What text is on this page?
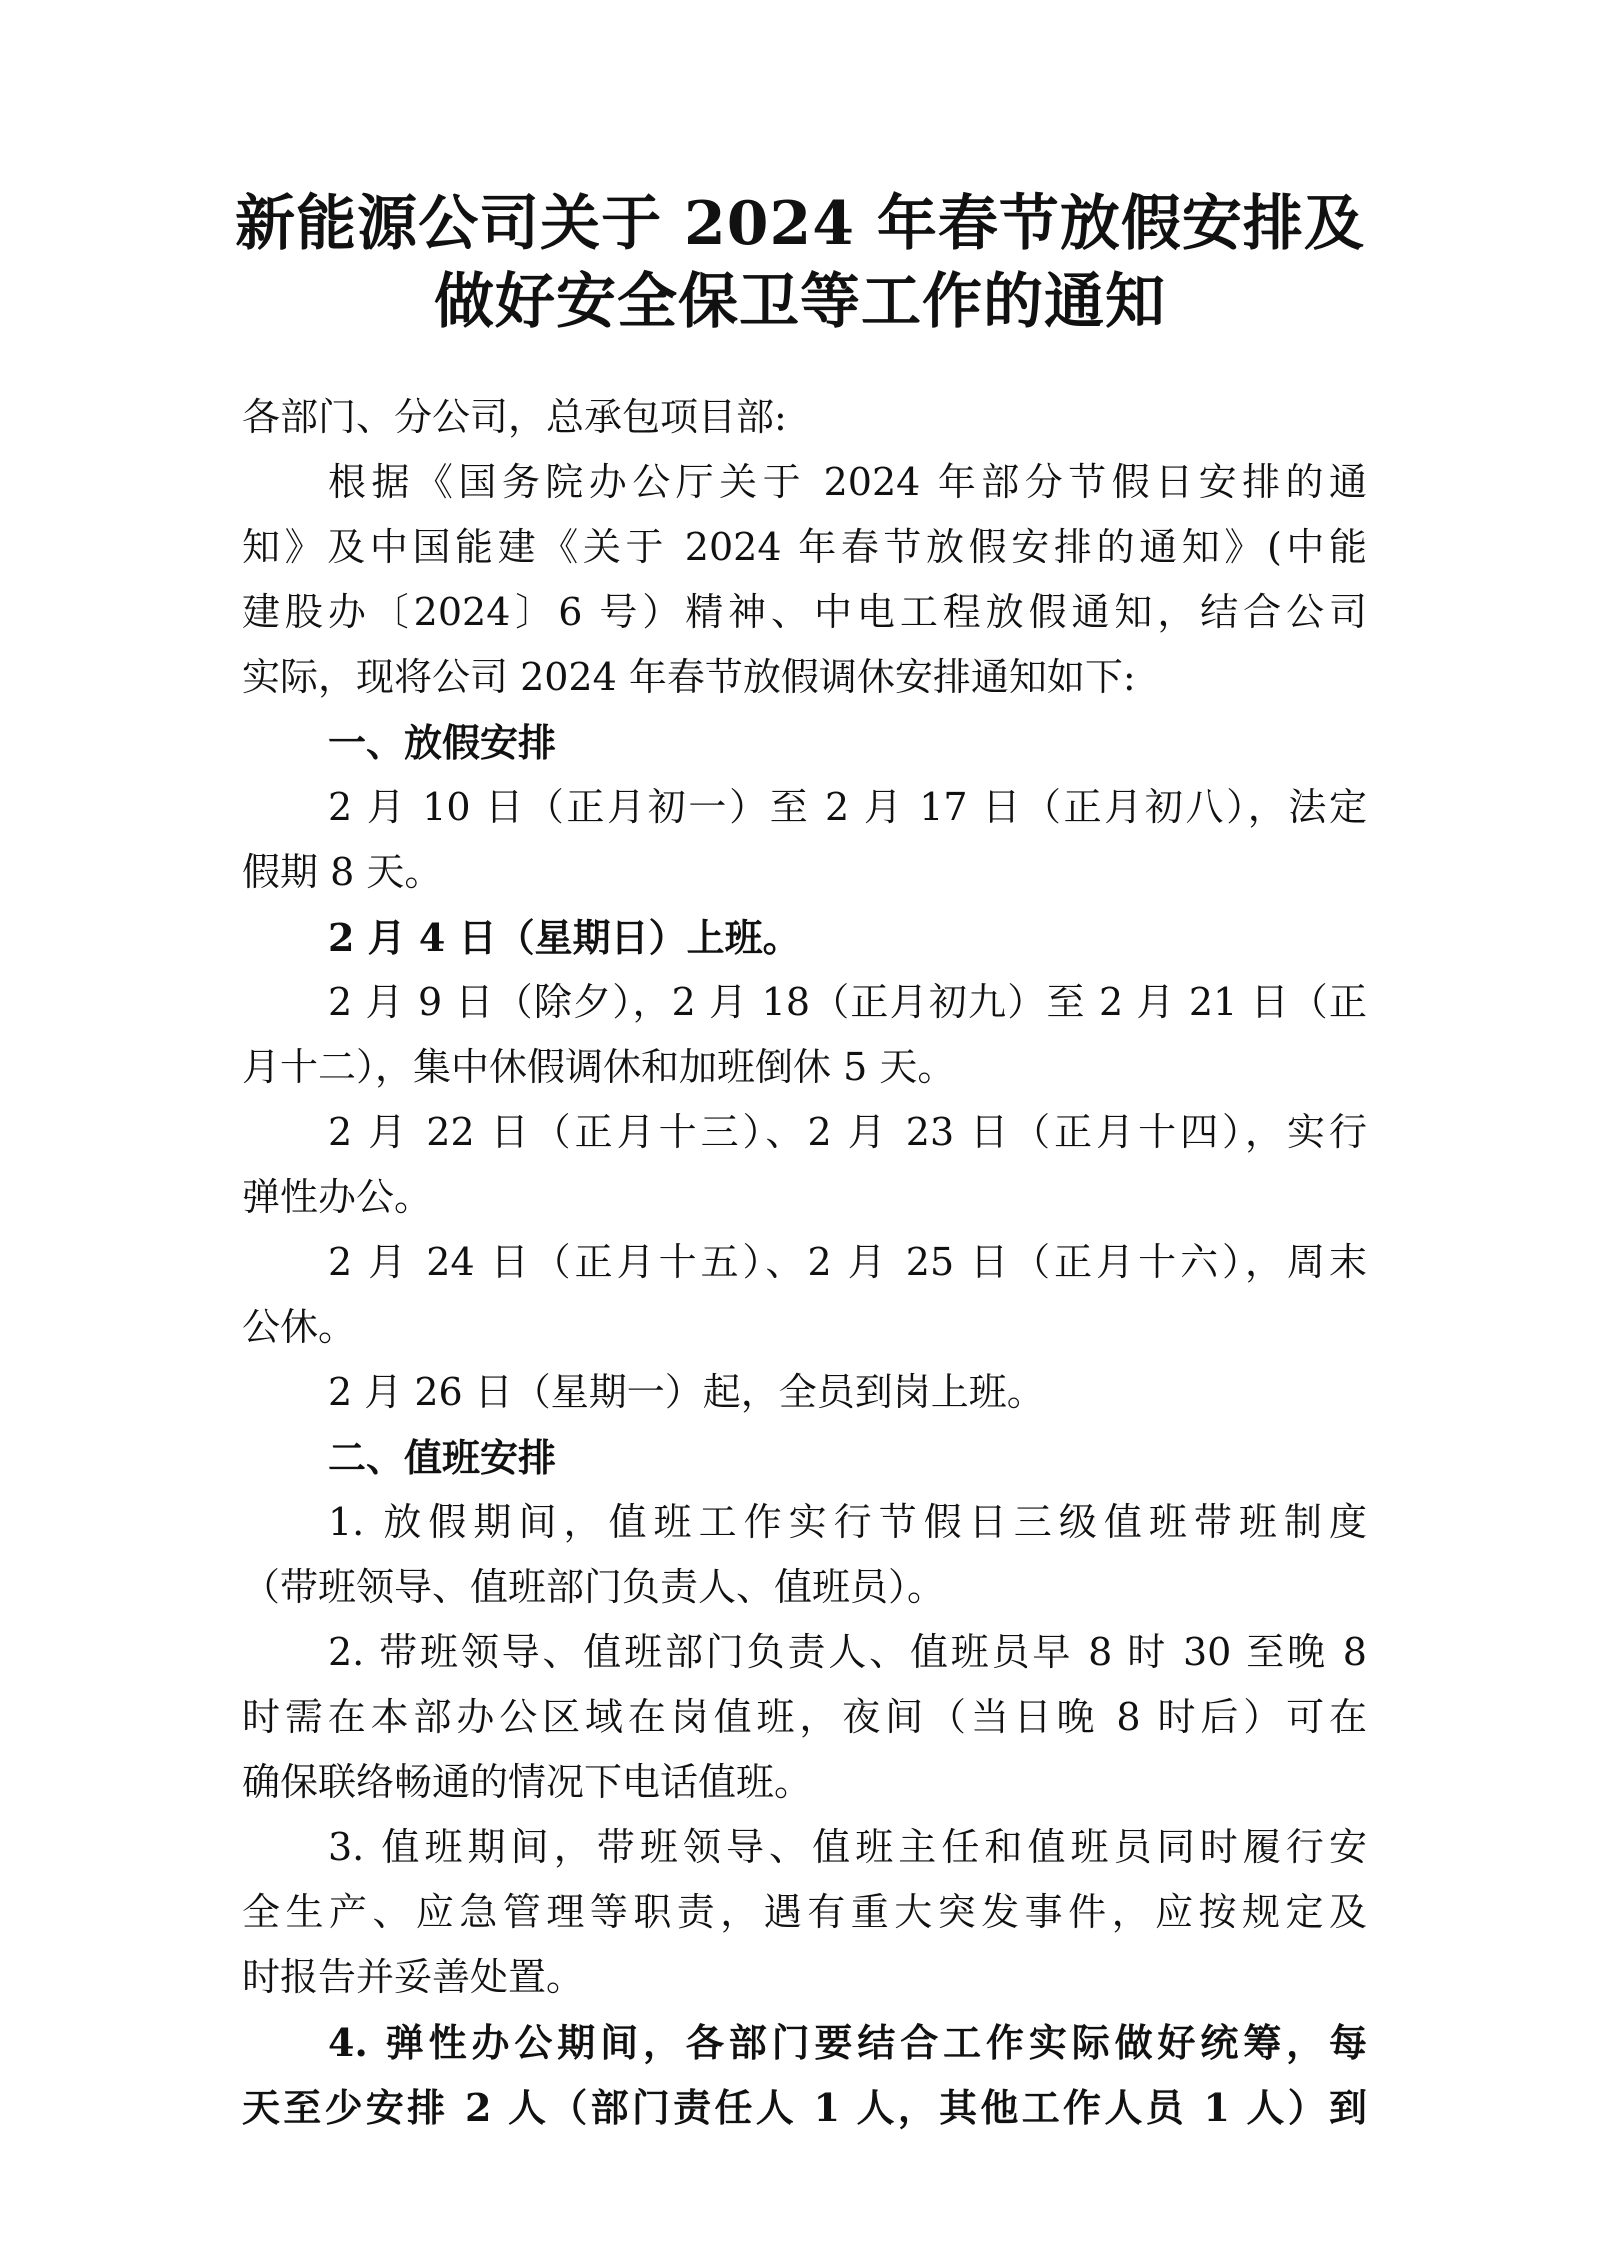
新能源公司关于 2024 年春节放假安排及
做好安全保卫等工作的通知
各部门、分公司，总承包项目部:
根据《国务院办公厅关于 2024 年部分节假日安排的通
知》及中国能建《关于 2024 年春节放假安排的通知》(中能
建股办〔2024〕6 号）精神、中电工程放假通知，结合公司
实际，现将公司 2024 年春节放假调休安排通知如下:
一、放假安排
2 月 10 日（正月初一）至 2 月 17 日（正月初八），法定
假期 8 天。
2 月 4 日（星期日）上班。
2 月 9 日（除夕），2 月 18（正月初九）至 2 月 21 日（正
月十二），集中休假调休和加班倒休 5 天。
2 月 22 日（正月十三）、2 月 23 日（正月十四），实行
弹性办公。
2 月 24 日（正月十五）、2 月 25 日（正月十六），周末
公休。
2 月 26 日（星期一）起，全员到岗上班。
二、值班安排
1. 放假期间，值班工作实行节假日三级值班带班制度
（带班领导、值班部门负责人、值班员）。
2. 带班领导、值班部门负责人、值班员早 8 时 30 至晚 8
时需在本部办公区域在岗值班，夜间（当日晚 8 时后）可在
确保联络畅通的情况下电话值班。
3. 值班期间，带班领导、值班主任和值班员同时履行安
全生产、应急管理等职责，遇有重大突发事件，应按规定及
时报告并妥善处置。
4. 弹性办公期间，各部门要结合工作实际做好统筹，每
天至少安排 2 人（部门责任人 1 人，其他工作人员 1 人）到
